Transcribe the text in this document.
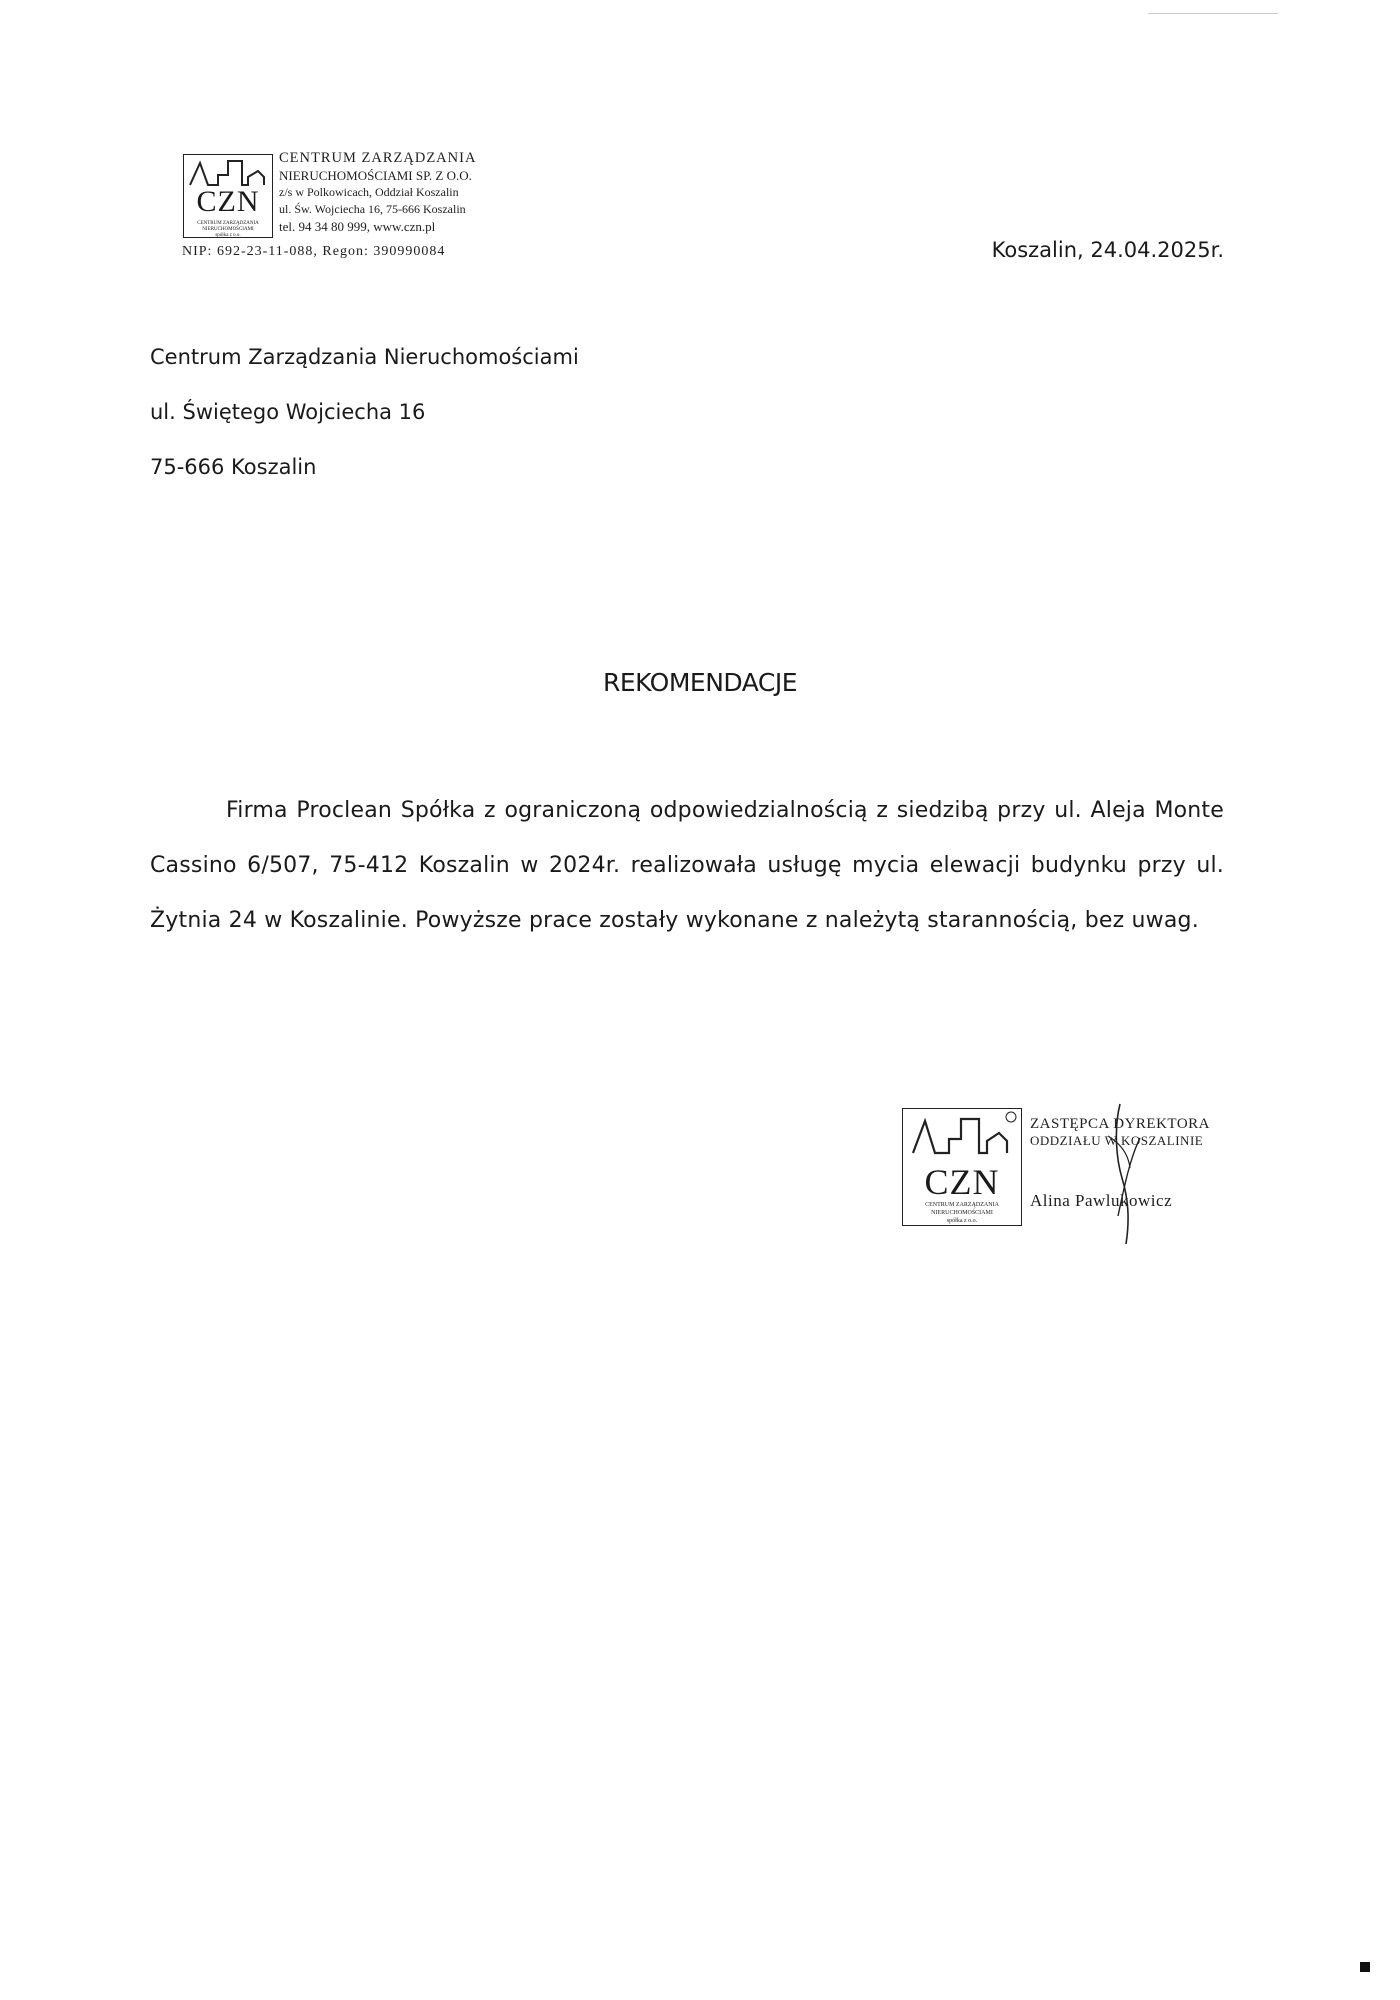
CZN
CENTRUM ZARZĄDZANIA
NIERUCHOMOŚCIAMI
spółka z o.o.
CENTRUM ZARZĄDZANIA
NIERUCHOMOŚCIAMI SP. Z O.O.
z/s w Polkowicach, Oddział Koszalin
ul. Św. Wojciecha 16, 75-666 Koszalin
tel. 94 34 80 999, www.czn.pl
NIP: 692-23-11-088, Regon: 390990084	Koszalin, 24.04.2025r.
Centrum Zarządzania Nieruchomościami
ul. Świętego Wojciecha 16
75-666 Koszalin
REKOMENDACJE
Firma Proclean Spółka z ograniczoną odpowiedzialnością z siedzibą przy ul. Aleja Monte Cassino 6/507, 75-412 Koszalin w 2024r. realizowała usługę mycia elewacji budynku przy ul. Żytnia 24 w Koszalinie. Powyższe prace zostały wykonane z należytą starannością, bez uwag.
CZN
CENTRUM ZARZĄDZANIA
NIERUCHOMOŚCIAMI
spółka z o.o.
ZASTĘPCA DYREKTORA
ODDZIAŁU W KOSZALINIE
Alina Pawlukowicz
